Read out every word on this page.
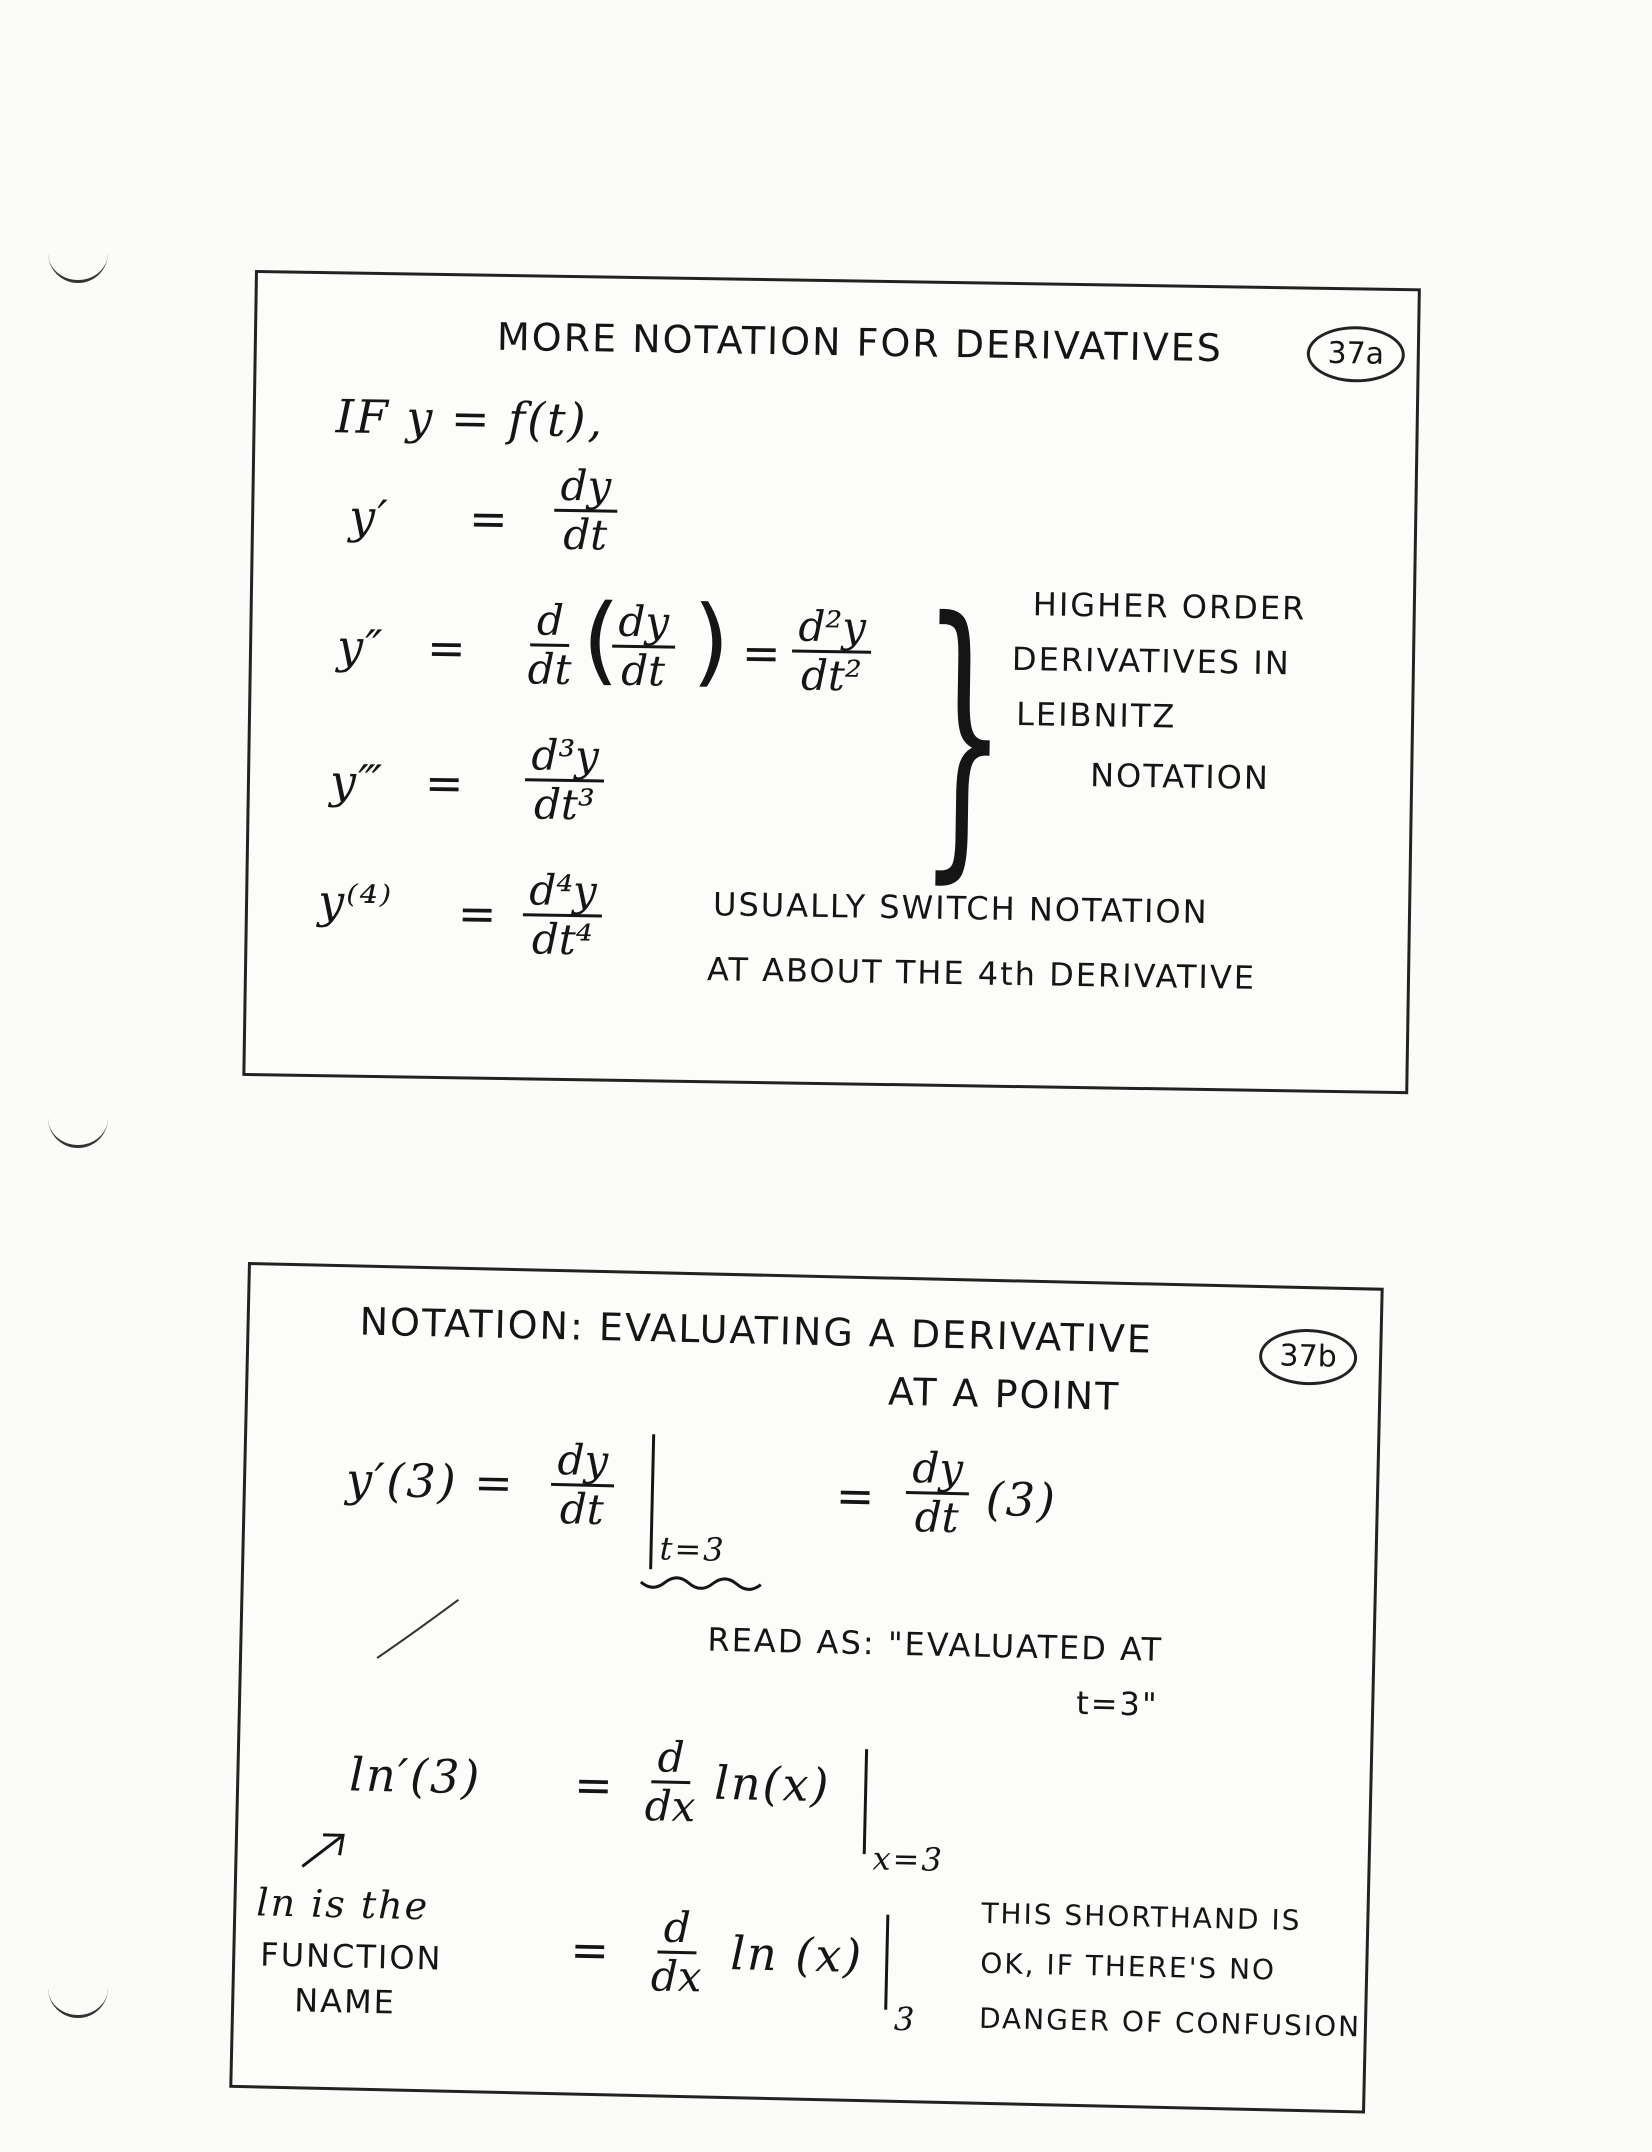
MORE NOTATION FOR DERIVATIVES	37a
IF y = f(t),
$y' = \frac{dy}{dt}$
$y'' = \frac{d}{dt}$ (
$\frac{dy}{dt}$ ) = $\frac{\text{d²y}}{\text{dt²}}$
y‴ = $\frac{\text{d³y}}{\text{dt³}}$
$y^{(4)} = \frac{\text{d⁴y}}{\text{dt⁴}}$
} HIGHER ORDER
DERIVATIVES IN
LEIBNITZ
NOTATION
USUALLY SWITCH NOTATION
AT ABOUT THE 4th DERIVATIVE
NOTATION: EVALUATING A DERIVATIVE
AT A POINT
37b
$y'(3) = \frac{dy}{dt}$
t=3
= $\frac{dy}{dt} (3)$
READ AS: "EVALUATED AT
t=3"
$\ln'(3) = \frac{d}{dx} \ln(x)$
x=3
ln is the
FUNCTION
NAME
= $\frac{d}{dx}$ ln (x)
3
THIS SHORTHAND IS
OK, IF THERE'S NO
DANGER OF CONFUSION
